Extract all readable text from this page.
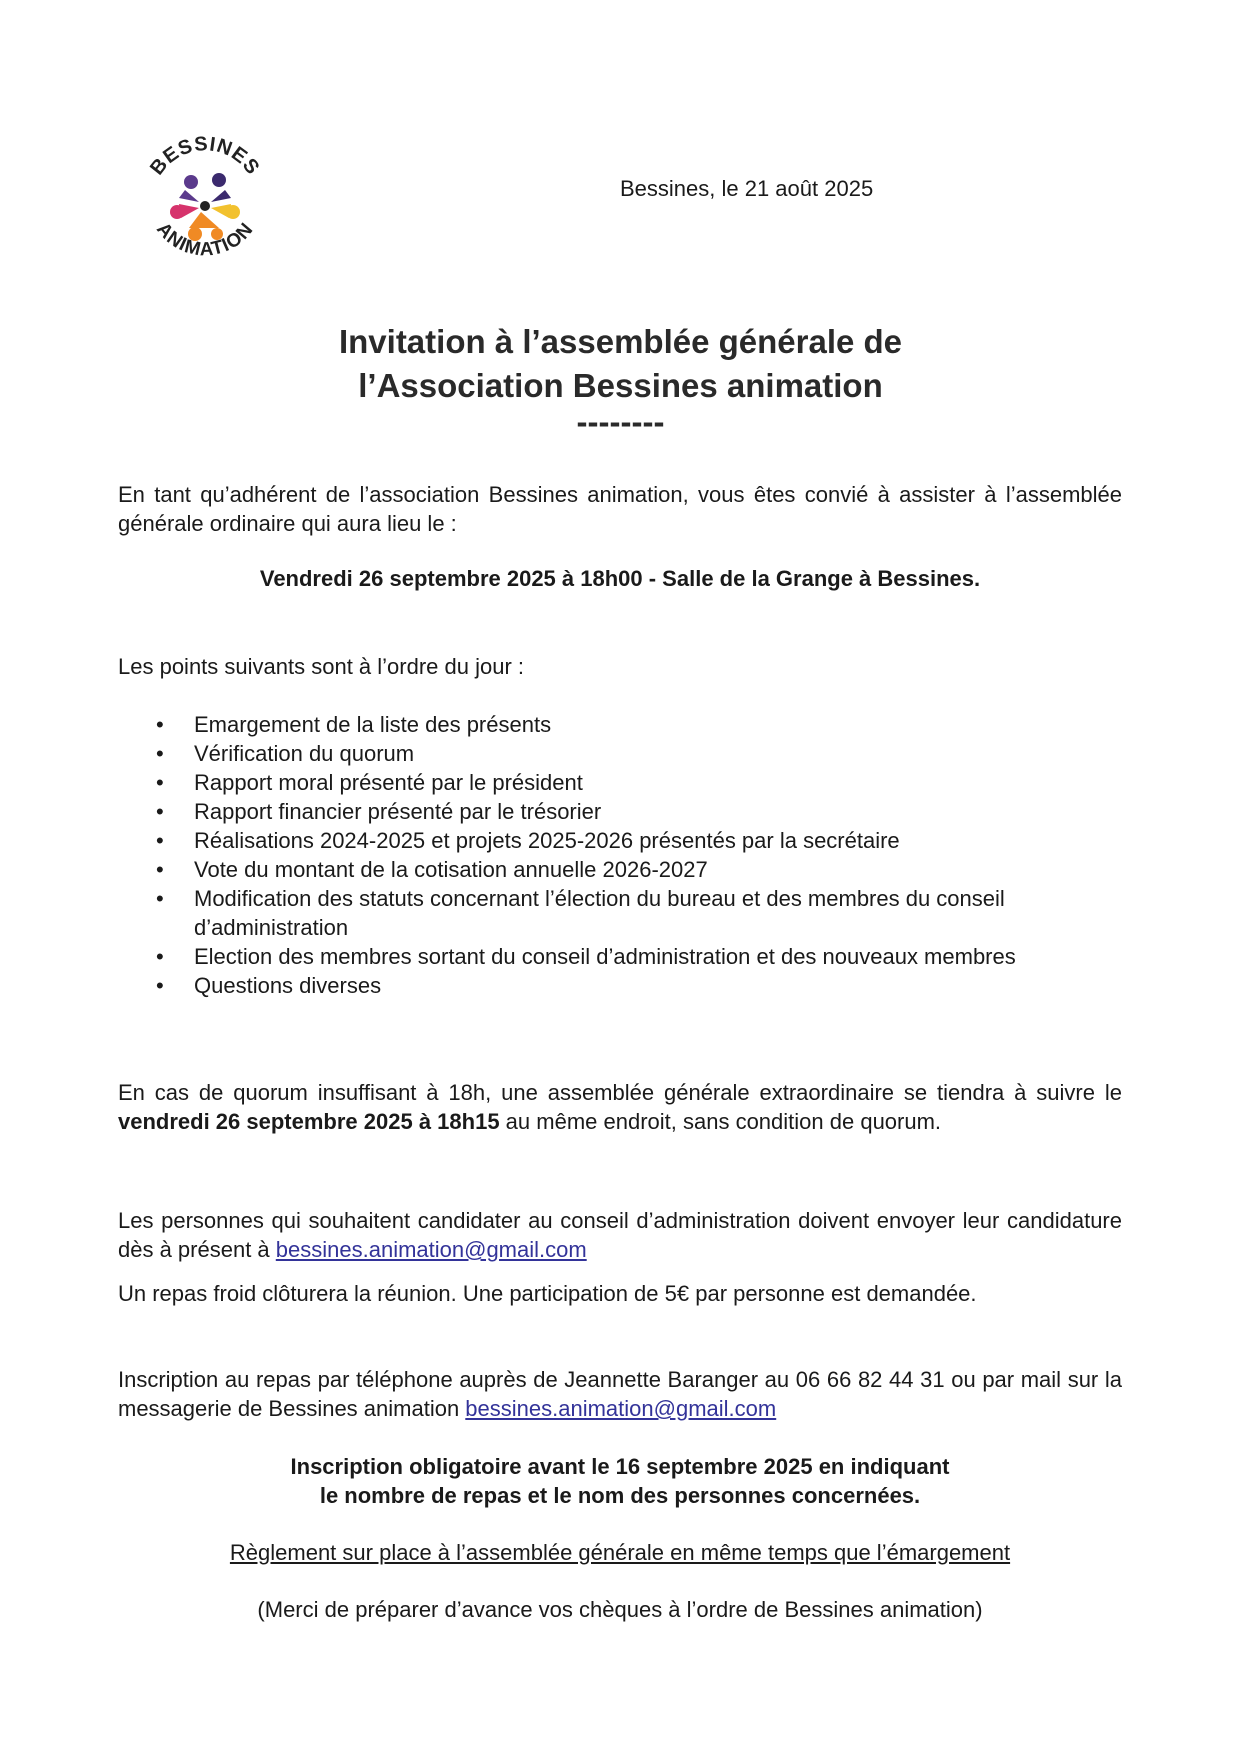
BESSINES
ANIMATION
Bessines, le 21 août 2025
Invitation à l’assemblée générale de
l’Association Bessines animation
--------
En tant qu’adhérent de l’association Bessines animation, vous êtes convié à assister à l’assemblée générale ordinaire qui aura lieu le :
Vendredi 26 septembre 2025 à 18h00 - Salle de la Grange à Bessines.
Les points suivants sont à l’ordre du jour :
• Emargement de la liste des présents
• Vérification du quorum
• Rapport moral présenté par le président
• Rapport financier présenté par le trésorier
• Réalisations 2024-2025 et projets 2025-2026 présentés par la secrétaire
• Vote du montant de la cotisation annuelle 2026-2027
• Modification des statuts concernant l’élection du bureau et des membres du conseil d’administration
• Election des membres sortant du conseil d’administration et des nouveaux membres
• Questions diverses
En cas de quorum insuffisant à 18h, une assemblée générale extraordinaire se tiendra à suivre le vendredi 26 septembre 2025 à 18h15 au même endroit, sans condition de quorum.
Les personnes qui souhaitent candidater au conseil d’administration doivent envoyer leur candidature dès à présent à bessines.animation@gmail.com
Un repas froid clôturera la réunion. Une participation de 5€ par personne est demandée.
Inscription au repas par téléphone auprès de Jeannette Baranger au 06 66 82 44 31 ou par mail sur la messagerie de Bessines animation bessines.animation@gmail.com
Inscription obligatoire avant le 16 septembre 2025 en indiquant
le nombre de repas et le nom des personnes concernées.
Règlement sur place à l’assemblée générale en même temps que l’émargement
(Merci de préparer d’avance vos chèques à l’ordre de Bessines animation)
